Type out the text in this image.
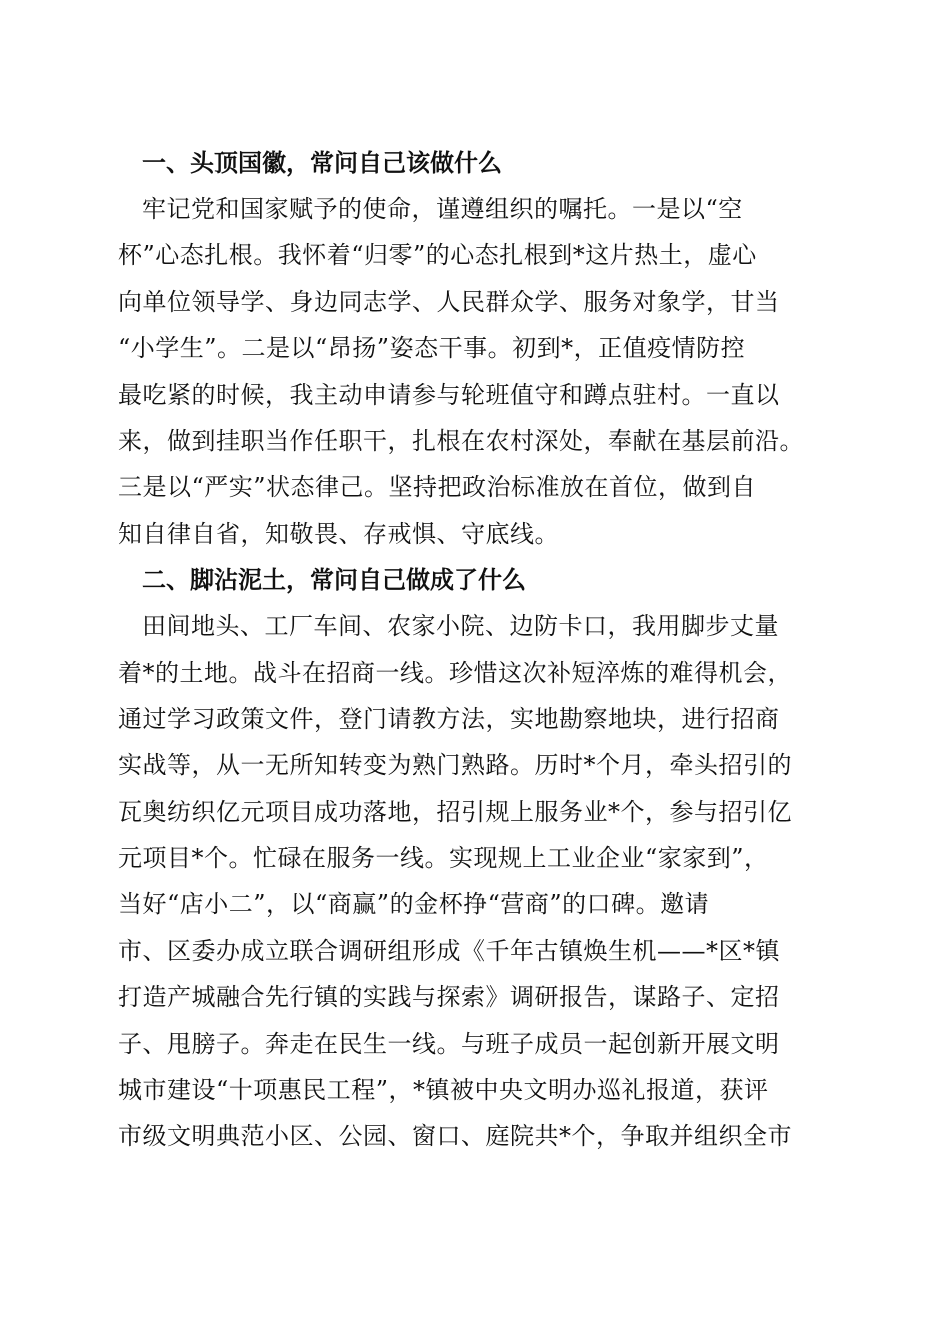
一、头顶国徽，常问自己该做什么
牢记党和国家赋予的使命，谨遵组织的嘱托。一是以“空
杯”心态扎根。我怀着“归零”的心态扎根到*这片热土，虚心
向单位领导学、身边同志学、人民群众学、服务对象学，甘当
“小学生”。二是以“昂扬”姿态干事。初到*，正值疫情防控
最吃紧的时候，我主动申请参与轮班值守和蹲点驻村。一直以
来，做到挂职当作任职干，扎根在农村深处，奉献在基层前沿。
三是以“严实”状态律己。坚持把政治标准放在首位，做到自
知自律自省，知敬畏、存戒惧、守底线。
二、脚沾泥土，常问自己做成了什么
田间地头、工厂车间、农家小院、边防卡口，我用脚步丈量
着*的土地。战斗在招商一线。珍惜这次补短淬炼的难得机会，
通过学习政策文件，登门请教方法，实地勘察地块，进行招商
实战等，从一无所知转变为熟门熟路。历时*个月，牵头招引的
瓦奥纺织亿元项目成功落地，招引规上服务业*个，参与招引亿
元项目*个。忙碌在服务一线。实现规上工业企业“家家到”，
当好“店小二”，以“商赢”的金杯挣“营商”的口碑。邀请
市、区委办成立联合调研组形成《千年古镇焕生机——*区*镇
打造产城融合先行镇的实践与探索》调研报告，谋路子、定招
子、甩膀子。奔走在民生一线。与班子成员一起创新开展文明
城市建设“十项惠民工程”，*镇被中央文明办巡礼报道，获评
市级文明典范小区、公园、窗口、庭院共*个，争取并组织全市
